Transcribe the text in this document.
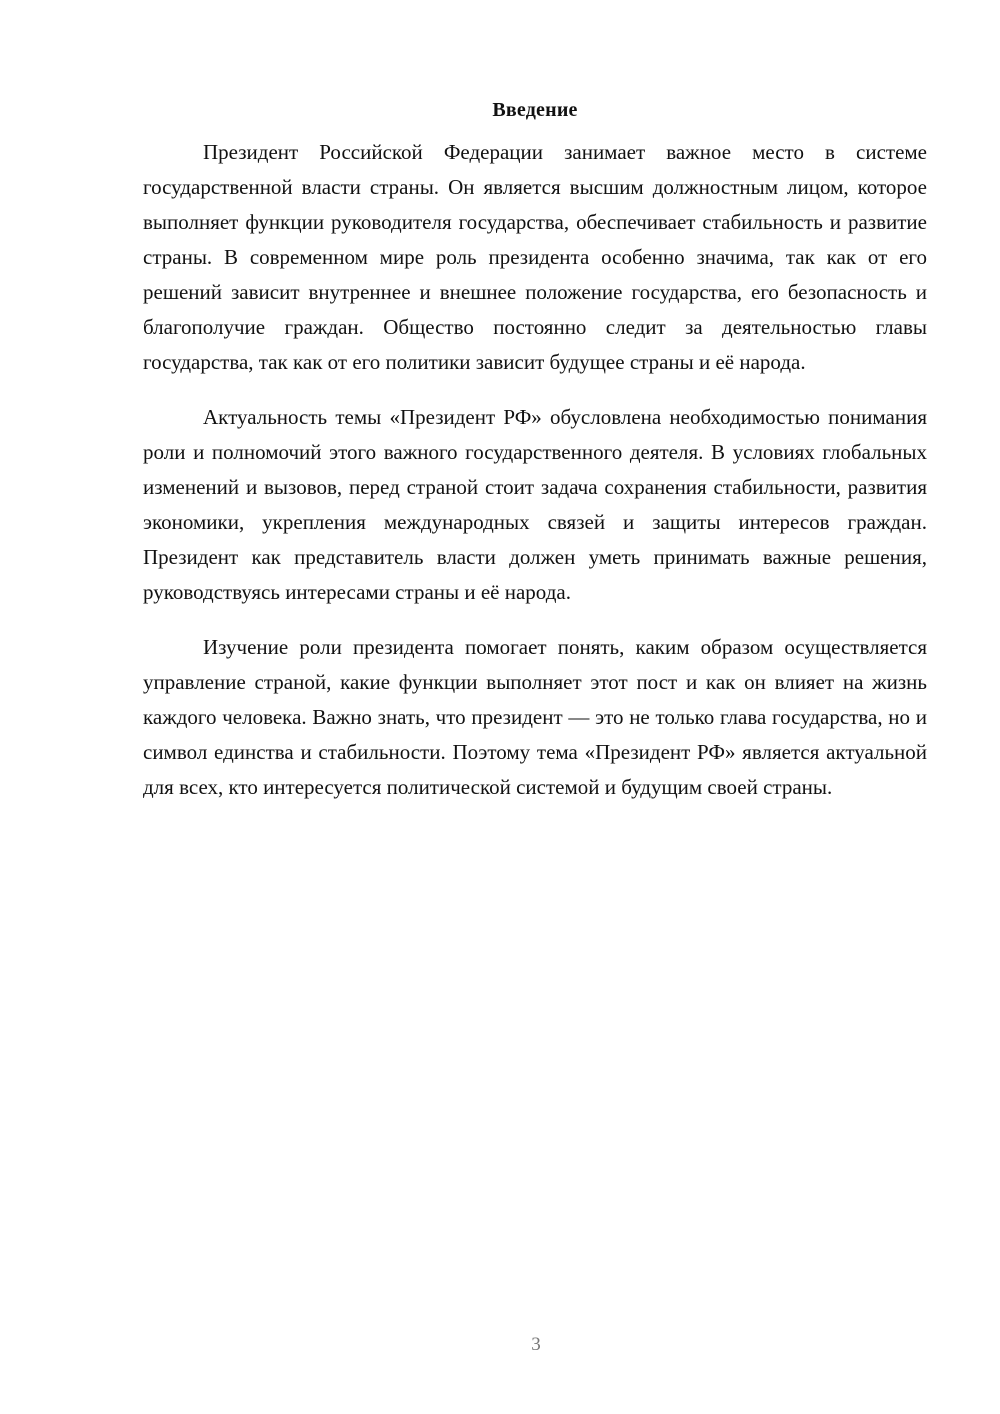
Введение

Президент Российской Федерации занимает важное место в системе государственной власти страны. Он является высшим должностным лицом, которое выполняет функции руководителя государства, обеспечивает стабильность и развитие страны. В современном мире роль президента особенно значима, так как от его решений зависит внутреннее и внешнее положение государства, его безопасность и благополучие граждан. Общество постоянно следит за деятельностью главы государства, так как от его политики зависит будущее страны и её народа.

Актуальность темы «Президент РФ» обусловлена необходимостью понимания роли и полномочий этого важного государственного деятеля. В условиях глобальных изменений и вызовов, перед страной стоит задача сохранения стабильности, развития экономики, укрепления международных связей и защиты интересов граждан. Президент как представитель власти должен уметь принимать важные решения, руководствуясь интересами страны и её народа.

Изучение роли президента помогает понять, каким образом осуществляется управление страной, какие функции выполняет этот пост и как он влияет на жизнь каждого человека. Важно знать, что президент — это не только глава государства, но и символ единства и стабильности. Поэтому тема «Президент РФ» является актуальной для всех, кто интересуется политической системой и будущим своей страны.

3
